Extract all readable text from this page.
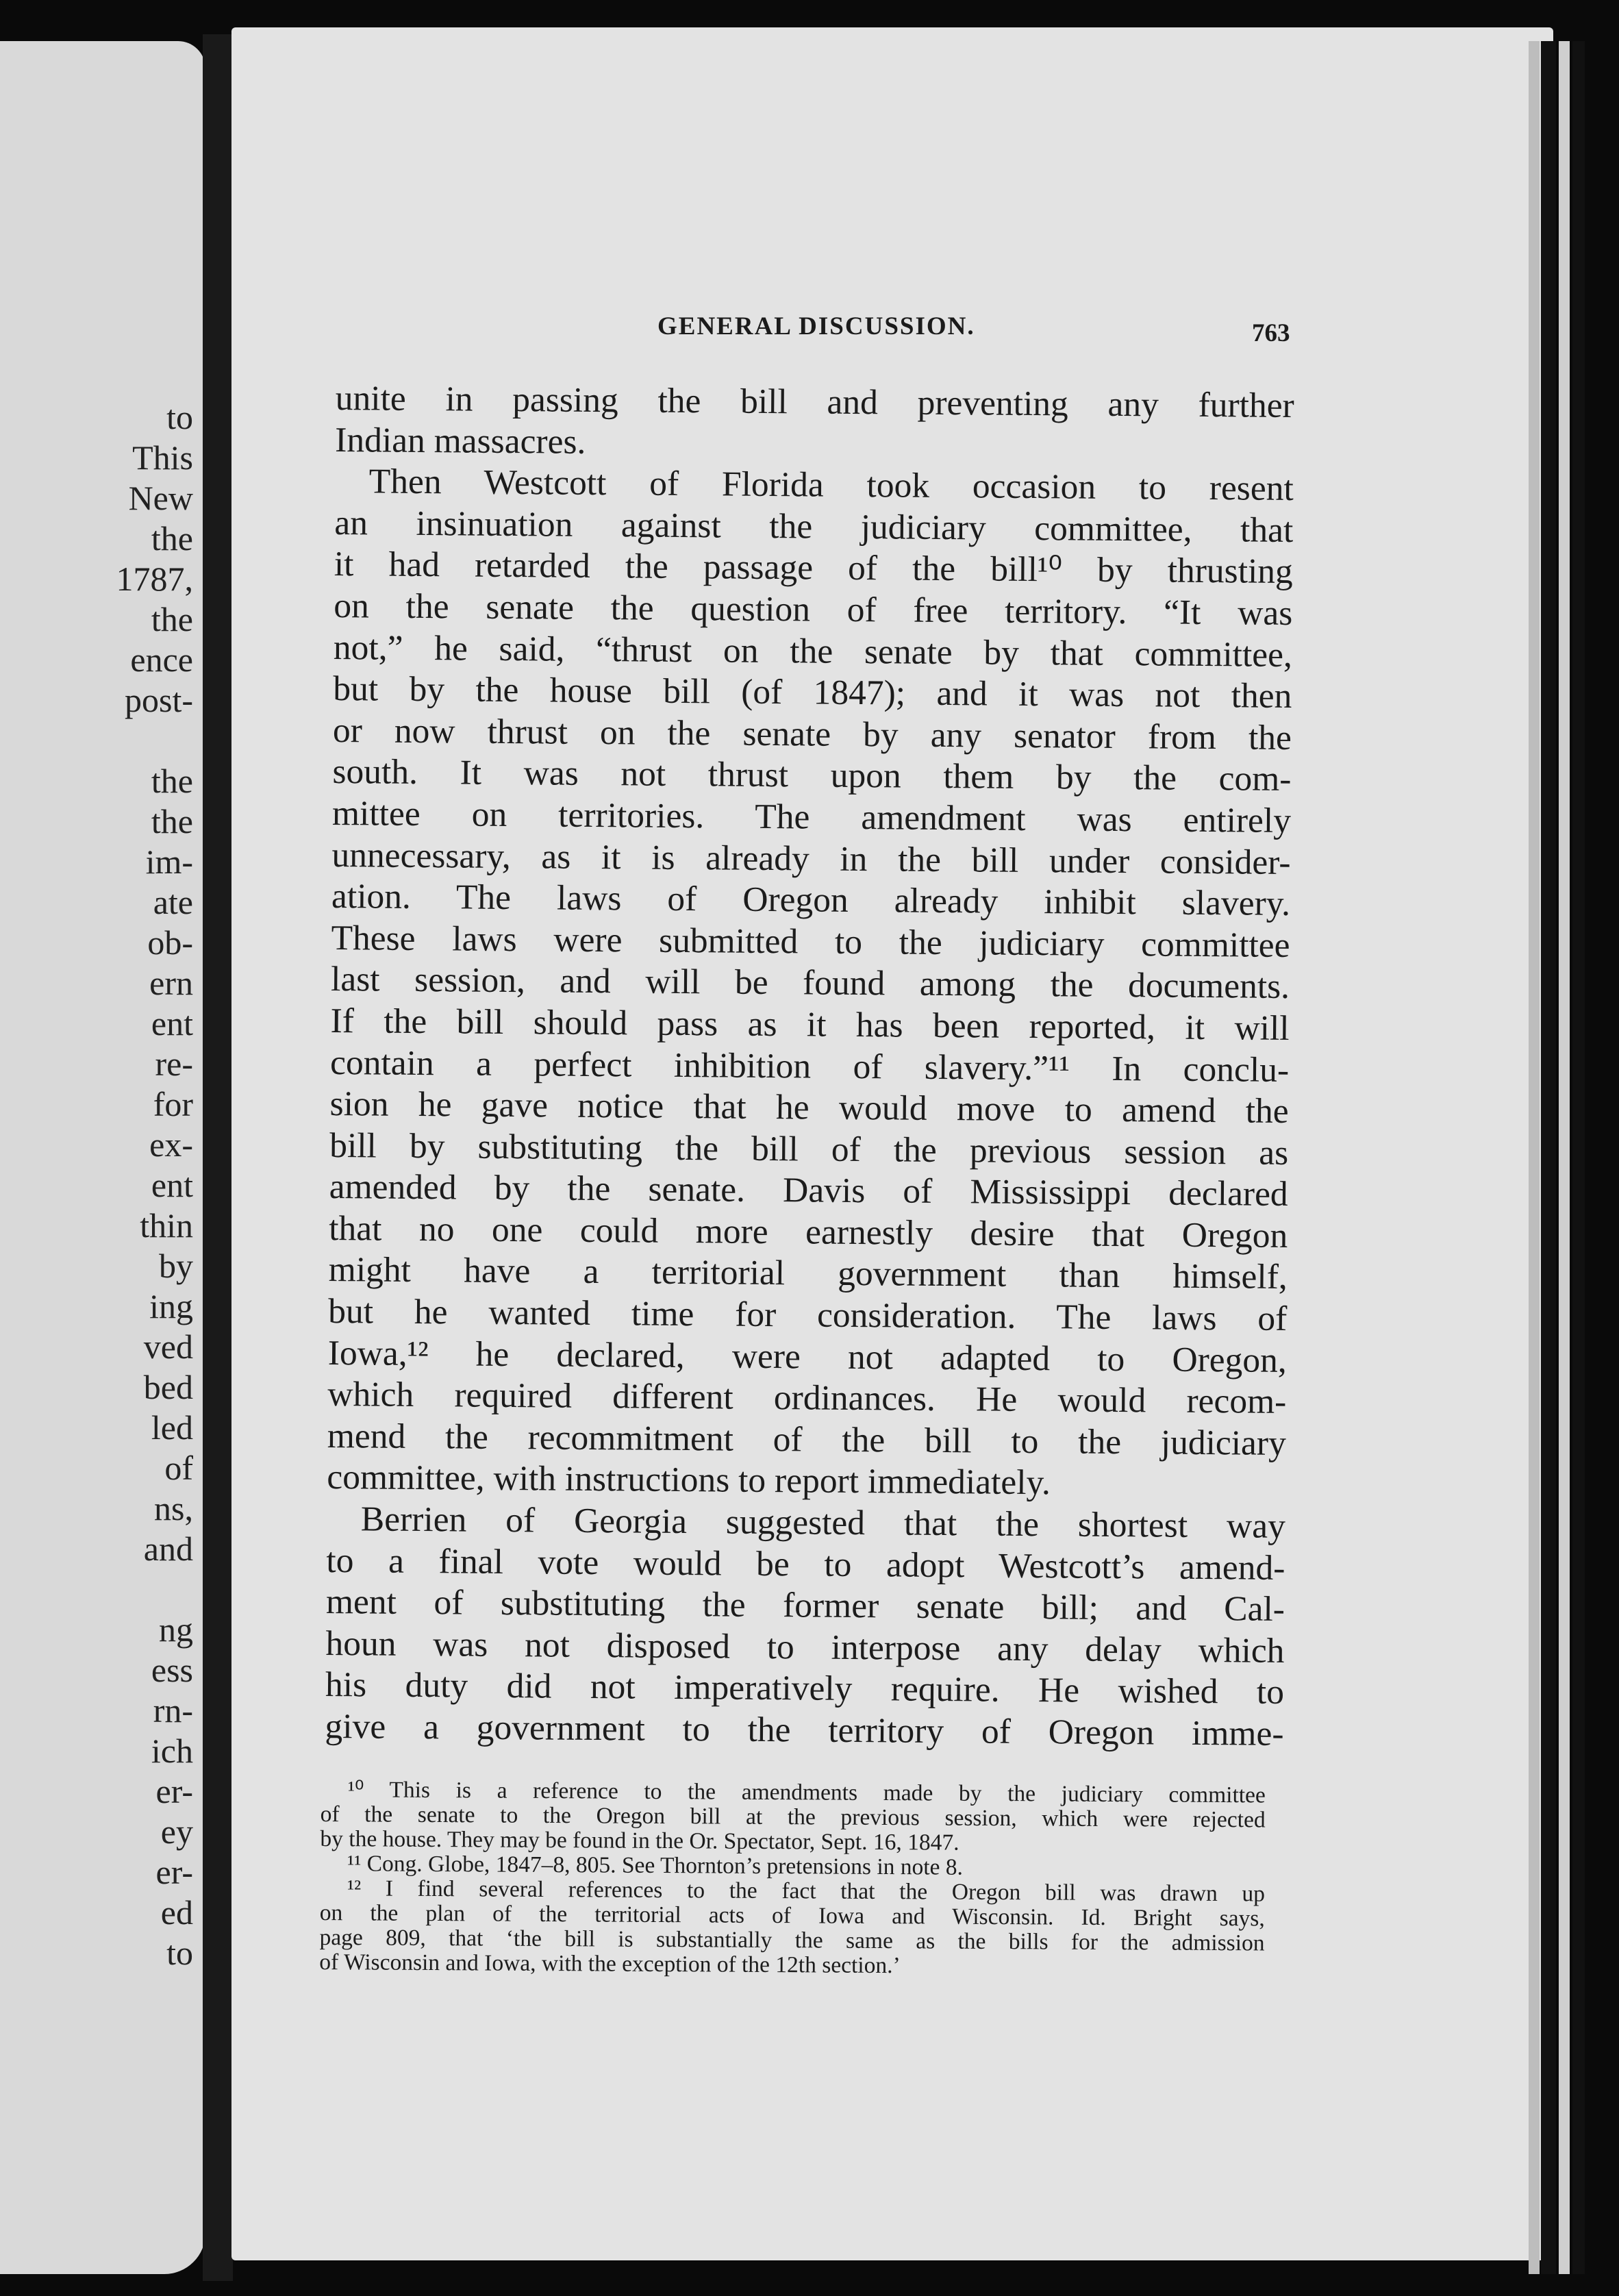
to
This
New
the
1787,
the
ence
post-
the
the
im-
ate
ob-
ern
ent
re-
for
ex-
ent
thin
by
ing
ved
bed
led
of
ns,
and
ng
ess
rn-
ich
er-
ey
er-
ed
to
GENERAL DISCUSSION.	763
unite in passing the bill and preventing any further
Indian massacres.
Then Westcott of Florida took occasion to resent
an insinuation against the judiciary committee, that
it had retarded the passage of the bill¹⁰ by thrusting
on the senate the question of free territory. “It was
not,” he said, “thrust on the senate by that committee,
but by the house bill (of 1847); and it was not then
or now thrust on the senate by any senator from the
south. It was not thrust upon them by the com-
mittee on territories. The amendment was entirely
unnecessary, as it is already in the bill under consider-
ation. The laws of Oregon already inhibit slavery.
These laws were submitted to the judiciary committee
last session, and will be found among the documents.
If the bill should pass as it has been reported, it will
contain a perfect inhibition of slavery.”¹¹ In conclu-
sion he gave notice that he would move to amend the
bill by substituting the bill of the previous session as
amended by the senate. Davis of Mississippi declared
that no one could more earnestly desire that Oregon
might have a territorial government than himself,
but he wanted time for consideration. The laws of
Iowa,¹² he declared, were not adapted to Oregon,
which required different ordinances. He would recom-
mend the recommitment of the bill to the judiciary
committee, with instructions to report immediately.
Berrien of Georgia suggested that the shortest way
to a final vote would be to adopt Westcott’s amend-
ment of substituting the former senate bill; and Cal-
houn was not disposed to interpose any delay which
his duty did not imperatively require. He wished to
give a government to the territory of Oregon imme-
¹⁰ This is a reference to the amendments made by the judiciary committee
of the senate to the Oregon bill at the previous session, which were rejected
by the house. They may be found in the Or. Spectator, Sept. 16, 1847.
¹¹ Cong. Globe, 1847–8, 805. See Thornton’s pretensions in note 8.
¹² I find several references to the fact that the Oregon bill was drawn up
on the plan of the territorial acts of Iowa and Wisconsin. Id. Bright says,
page 809, that ‘the bill is substantially the same as the bills for the admission
of Wisconsin and Iowa, with the exception of the 12th section.’
